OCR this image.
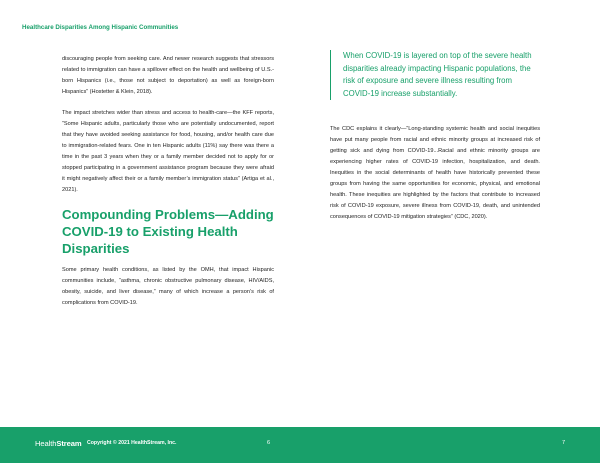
Healthcare Disparities Among Hispanic Communities

discouraging people from seeking care. And newer research suggests that stressors related to immigration can have a spillover effect on the health and wellbeing of U.S.-born Hispanics (i.e., those not subject to deportation) as well as foreign-born Hispanics” (Hostetter & Klein, 2018).

The impact stretches wider than stress and access to health-care—the KFF reports, “Some Hispanic adults, particularly those who are potentially undocumented, report that they have avoided seeking assistance for food, housing, and/or health care due to immigration-related fears. One in ten Hispanic adults (11%) say there was there a time in the past 3 years when they or a family member decided not to apply for or stopped participating in a government assistance program because they were afraid it might negatively affect their or a family member’s immigration status” (Artiga et al., 2021).

Compounding Problems—Adding COVID-19 to Existing Health Disparities

Some primary health conditions, as listed by the OMH, that impact Hispanic communities include, “asthma, chronic obstructive pulmonary disease, HIV/AIDS, obesity, suicide, and liver disease,” many of which increase a person’s risk of complications from COVID-19.

When COVID-19 is layered on top of the severe health disparities already impacting Hispanic populations, the risk of exposure and severe illness resulting from COVID-19 increase substantially.

The CDC explains it clearly—“Long-standing systemic health and social inequities have put many people from racial and ethnic minority groups at increased risk of getting sick and dying from COVID-19...Racial and ethnic minority groups are experiencing higher rates of COVID-19 infection, hospitalization, and death. Inequities in the social determinants of health have historically prevented these groups from having the same opportunities for economic, physical, and emotional health. These inequities are highlighted by the factors that contribute to increased risk of COVID-19 exposure, severe illness from COVID-19, death, and unintended consequences of COVID-19 mitigation strategies” (CDC, 2020).

HealthStream Copyright © 2021 HealthStream, Inc.	6	7
